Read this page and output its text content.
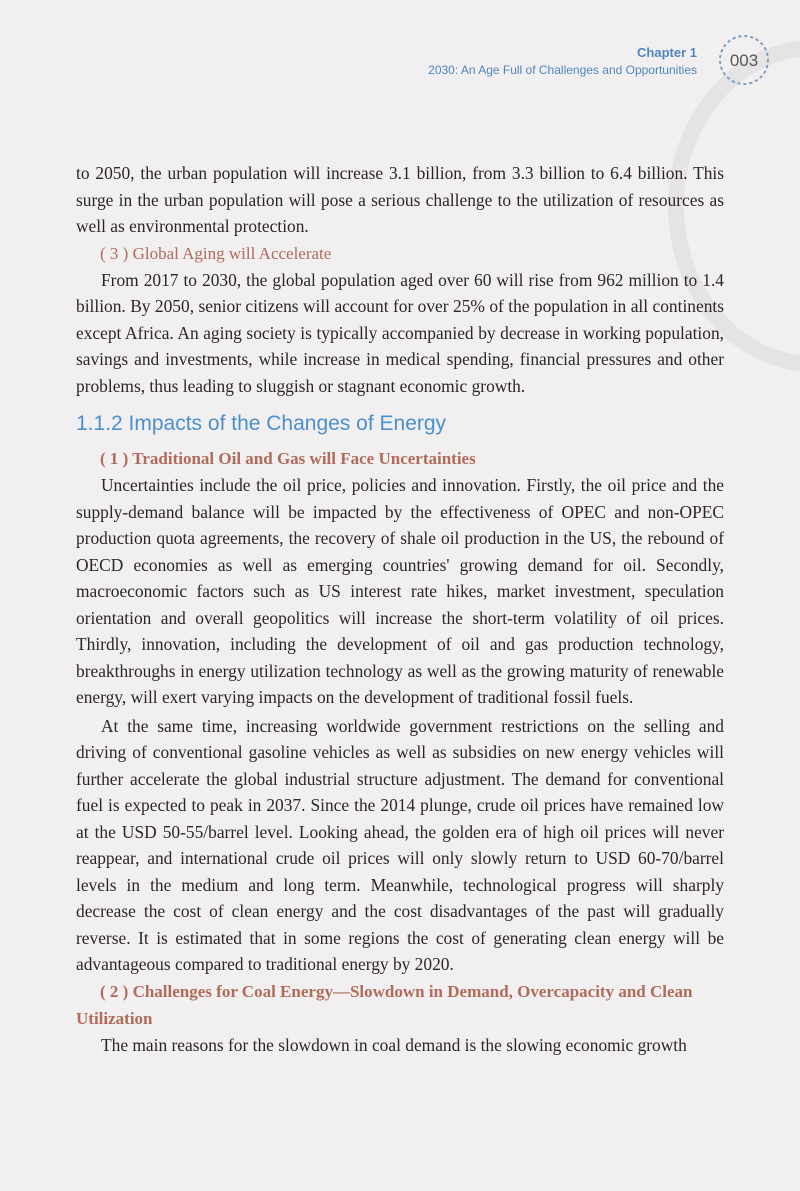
Chapter 1
2030: An Age Full of Challenges and Opportunities	003

to 2050, the urban population will increase 3.1 billion, from 3.3 billion to 6.4 billion. This surge in the urban population will pose a serious challenge to the utilization of resources as well as environmental protection.

( 3 ) Global Aging will Accelerate

From 2017 to 2030, the global population aged over 60 will rise from 962 million to 1.4 billion. By 2050, senior citizens will account for over 25% of the population in all continents except Africa. An aging society is typically accompanied by decrease in working population, savings and investments, while increase in medical spending, financial pressures and other problems, thus leading to sluggish or stagnant economic growth.

1.1.2 Impacts of the Changes of Energy
( 1 ) Traditional Oil and Gas will Face Uncertainties

Uncertainties include the oil price, policies and innovation. Firstly, the oil price and the supply-demand balance will be impacted by the effectiveness of OPEC and non-OPEC production quota agreements, the recovery of shale oil production in the US, the rebound of OECD economies as well as emerging countries' growing demand for oil. Secondly, macroeconomic factors such as US interest rate hikes, market investment, speculation orientation and overall geopolitics will increase the short-term volatility of oil prices. Thirdly, innovation, including the development of oil and gas production technology, breakthroughs in energy utilization technology as well as the growing maturity of renewable energy, will exert varying impacts on the development of traditional fossil fuels.

At the same time, increasing worldwide government restrictions on the selling and driving of conventional gasoline vehicles as well as subsidies on new energy vehicles will further accelerate the global industrial structure adjustment. The demand for conventional fuel is expected to peak in 2037. Since the 2014 plunge, crude oil prices have remained low at the USD 50-55/barrel level. Looking ahead, the golden era of high oil prices will never reappear, and international crude oil prices will only slowly return to USD 60-70/barrel levels in the medium and long term. Meanwhile, technological progress will sharply decrease the cost of clean energy and the cost disadvantages of the past will gradually reverse. It is estimated that in some regions the cost of generating clean energy will be advantageous compared to traditional energy by 2020.

( 2 ) Challenges for Coal Energy—Slowdown in Demand, Overcapacity and Clean Utilization

The main reasons for the slowdown in coal demand is the slowing economic growth
